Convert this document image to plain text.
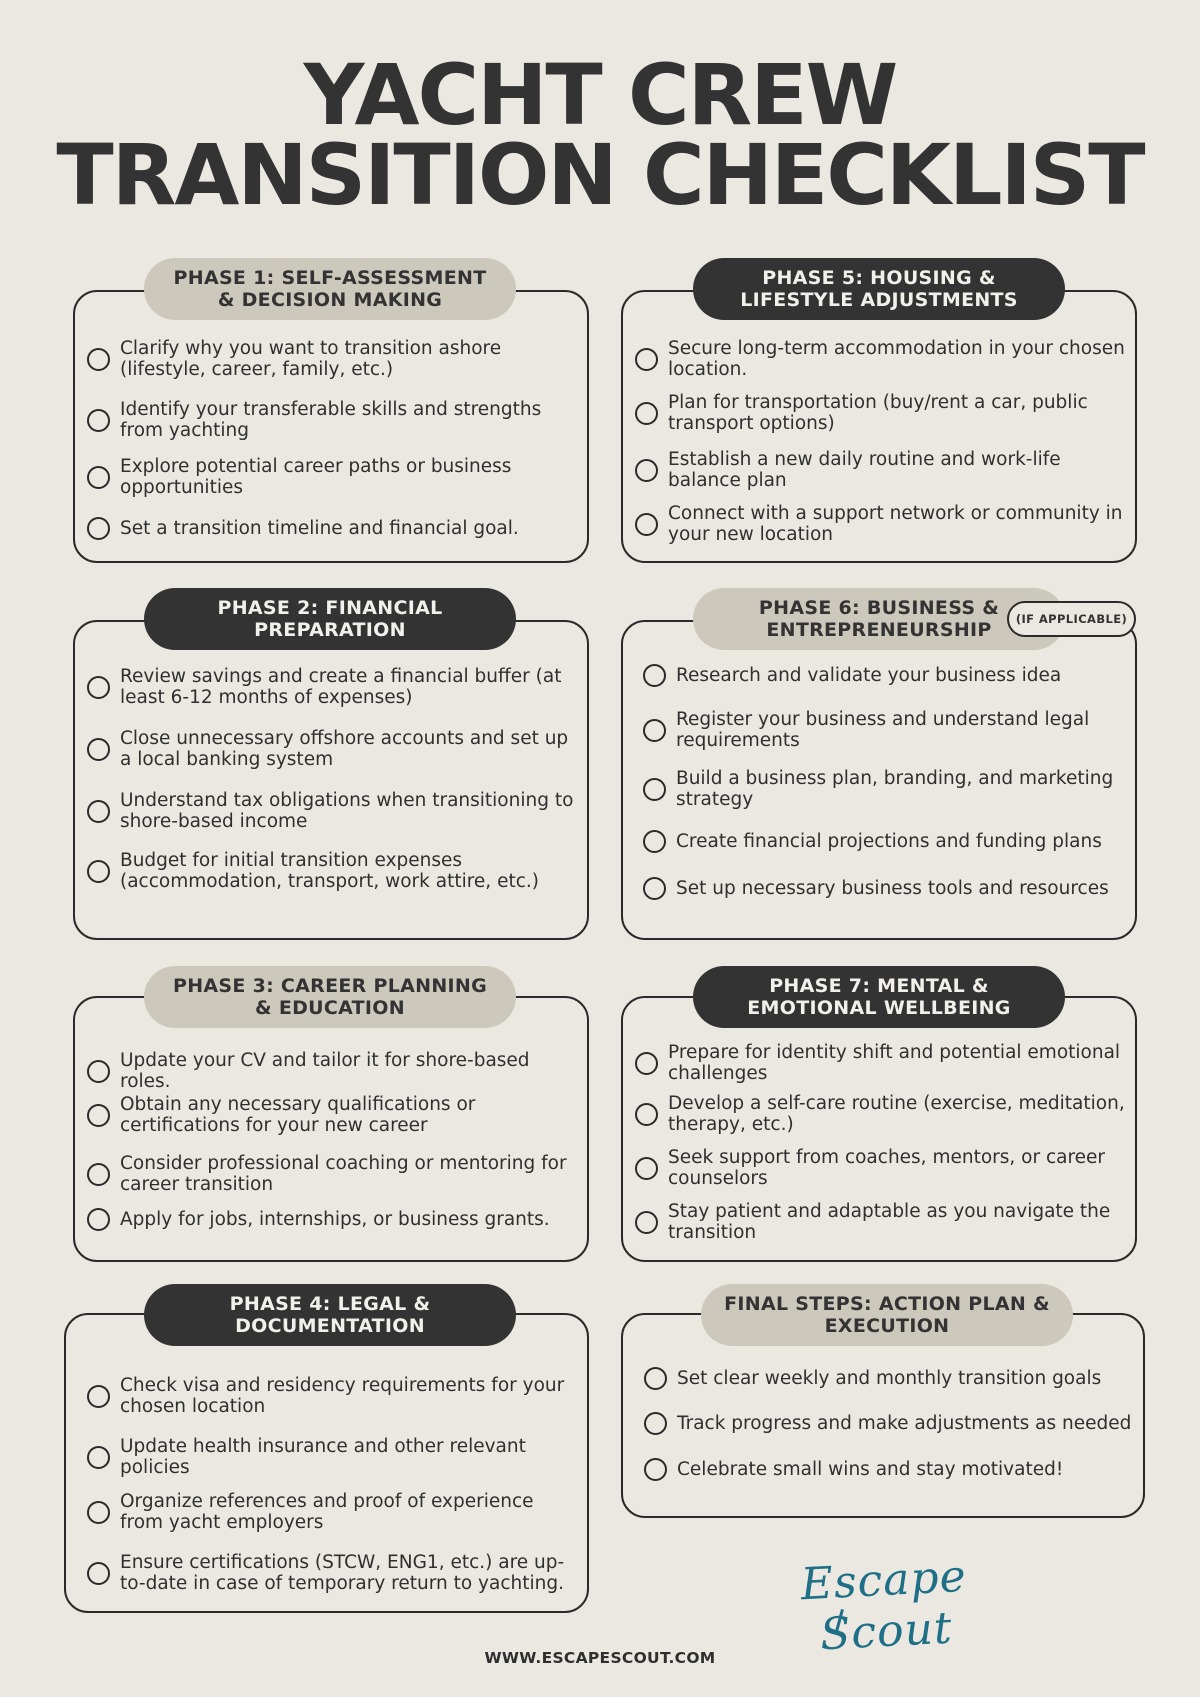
YACHT CREW
TRANSITION CHECKLIST
Clarify why you want to transition ashore (lifestyle, career, family, etc.)
Identify your transferable skills and strengths from yachting
Explore potential career paths or business opportunities
Set a transition timeline and financial goal.
PHASE 1: SELF-ASSESSMENT & DECISION MAKING
Review savings and create a financial buffer (at least 6-12 months of expenses)
Close unnecessary offshore accounts and set up a local banking system
Understand tax obligations when transitioning to shore-based income
Budget for initial transition expenses (accommodation, transport, work attire, etc.)
PHASE 2: FINANCIAL PREPARATION
Update your CV and tailor it for shore-based roles.
Obtain any necessary qualifications or certifications for your new career
Consider professional coaching or mentoring for career transition
Apply for jobs, internships, or business grants.
PHASE 3: CAREER PLANNING & EDUCATION
Check visa and residency requirements for your chosen location
Update health insurance and other relevant policies
Organize references and proof of experience from yacht employers
Ensure certifications (STCW, ENG1, etc.) are up-to-date in case of temporary return to yachting.
PHASE 4: LEGAL & DOCUMENTATION
Secure long-term accommodation in your chosen location.
Plan for transportation (buy/rent a car, public transport options)
Establish a new daily routine and work-life balance plan
Connect with a support network or community in your new location
PHASE 5: HOUSING & LIFESTYLE ADJUSTMENTS
Research and validate your business idea
Register your business and understand legal requirements
Build a business plan, branding, and marketing strategy
Create financial projections and funding plans
Set up necessary business tools and resources
PHASE 6: BUSINESS & ENTREPRENEURSHIP	(IF APPLICABLE)
Prepare for identity shift and potential emotional challenges
Develop a self-care routine (exercise, meditation, therapy, etc.)
Seek support from coaches, mentors, or career counselors
Stay patient and adaptable as you navigate the transition
PHASE 7: MENTAL & EMOTIONAL WELLBEING
Set clear weekly and monthly transition goals
Track progress and make adjustments as needed
Celebrate small wins and stay motivated!
FINAL STEPS: ACTION PLAN & EXECUTION
Escape Scout
WWW.ESCAPESCOUT.COM
